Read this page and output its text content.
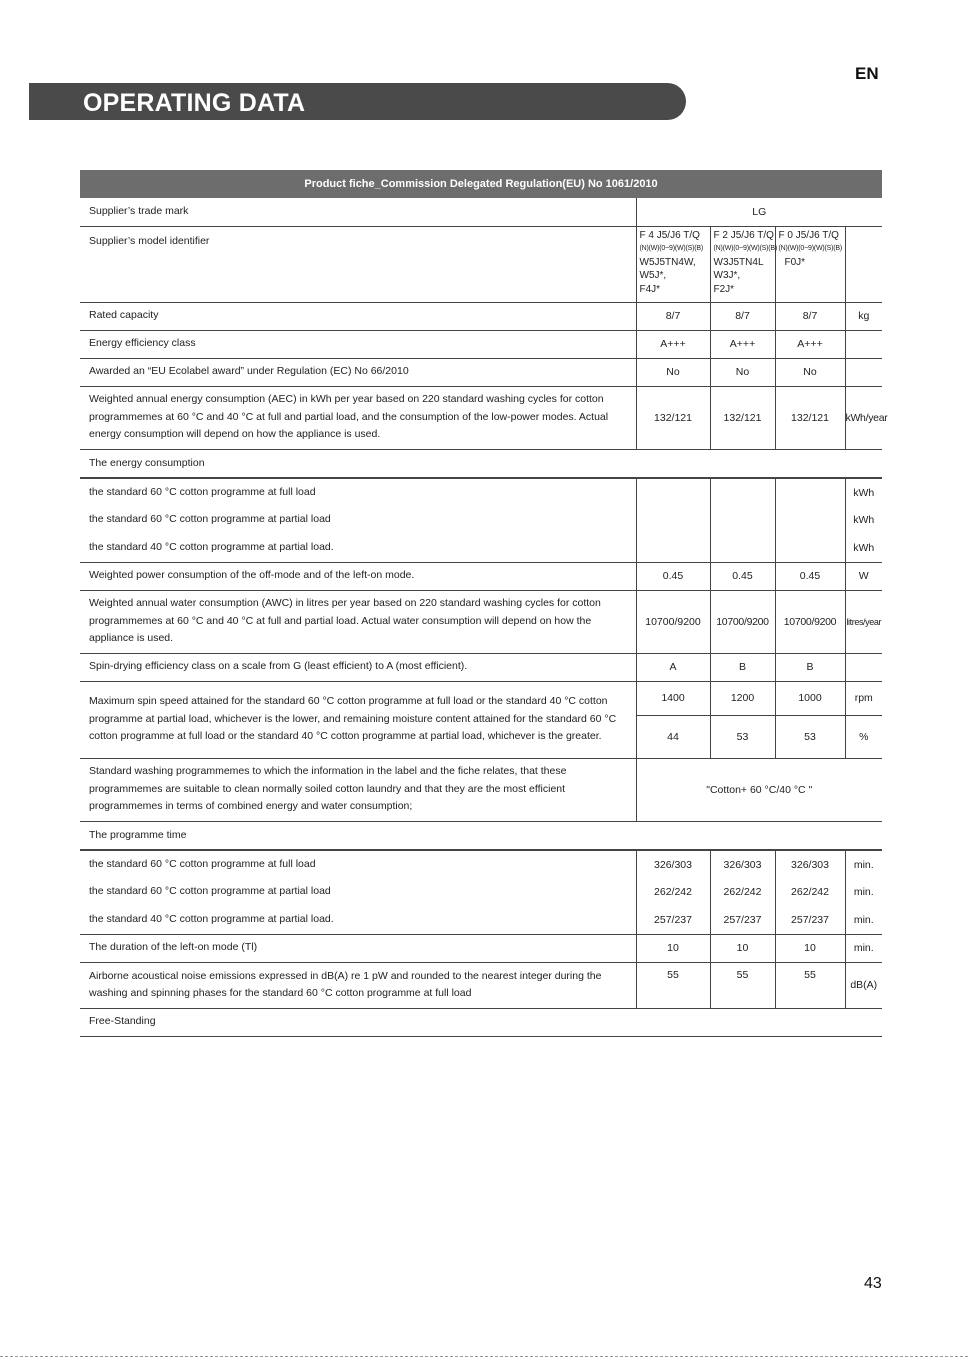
EN
OPERATING DATA
Product fiche_Commission Delegated Regulation(EU) No 1061/2010				
Supplier’s trade mark	LG			
Supplier’s model identifier	F 4 J5/J6 T/Q
(N)(W)(0~9)(W)(S)(B)
W5J5TN4W,
W5J*,
F4J*	F 2 J5/J6 T/Q
(N)(W)(0~9)(W)(S)(B)
W3J5TN4L
W3J*,
F2J*	F 0 J5/J6 T/Q
(N)(W)(0~9)(W)(S)(B)
F0J*	
Rated capacity	8/7	8/7	8/7	kg
Energy efficiency class	A+++	A+++	A+++	
Awarded an “EU Ecolabel award” under Regulation (EC) No 66/2010	No	No	No	
Weighted annual energy consumption (AEC) in kWh per year based on 220 standard washing cycles for cotton programmemes at 60 °C and 40 °C at full and partial load, and the consumption of the low-power modes. Actual energy consumption will depend on how the appliance is used.	132/121	132/121	132/121	kWh/year
The energy consumption				
the standard 60 °C cotton programme at full load				kWh
the standard 60 °C cotton programme at partial load				kWh
the standard 40 °C cotton programme at partial load.				kWh
Weighted power consumption of the off-mode and of the left-on mode.	0.45	0.45	0.45	W
Weighted annual water consumption (AWC) in litres per year based on 220 standard washing cycles for cotton programmemes at 60 °C and 40 °C at full and partial load. Actual water consumption will depend on how the appliance is used.	10700/9200	10700/9200	10700/9200	litres/year
Spin-drying efficiency class on a scale from G (least efficient) to A (most efficient).	A	B	B	
Maximum spin speed attained for the standard 60 °C cotton programme at full load or the standard 40 °C cotton programme at partial load, whichever is the lower, and remaining moisture content attained for the standard 60 °C cotton programme at full load or the standard 40 °C cotton programme at partial load, whichever is the greater.	1400	1200	1000	rpm
	44	53	53	%
Standard washing programmemes to which the information in the label and the fiche relates, that these programmemes are suitable to clean normally soiled cotton laundry and that they are the most efficient programmemes in terms of combined energy and water consumption;	"Cotton+ 60 °C/40 °C "			
The programme time				
the standard 60 °C cotton programme at full load	326/303	326/303	326/303	min.
the standard 60 °C cotton programme at partial load	262/242	262/242	262/242	min.
the standard 40 °C cotton programme at partial load.	257/237	257/237	257/237	min.
The duration of the left-on mode (Tl)	10	10	10	min.
Airborne acoustical noise emissions expressed in dB(A) re 1 pW and rounded to the nearest integer during the washing and spinning phases for the standard 60 °C cotton programme at full load	55	55	55	dB(A)
Free-Standing				
43
